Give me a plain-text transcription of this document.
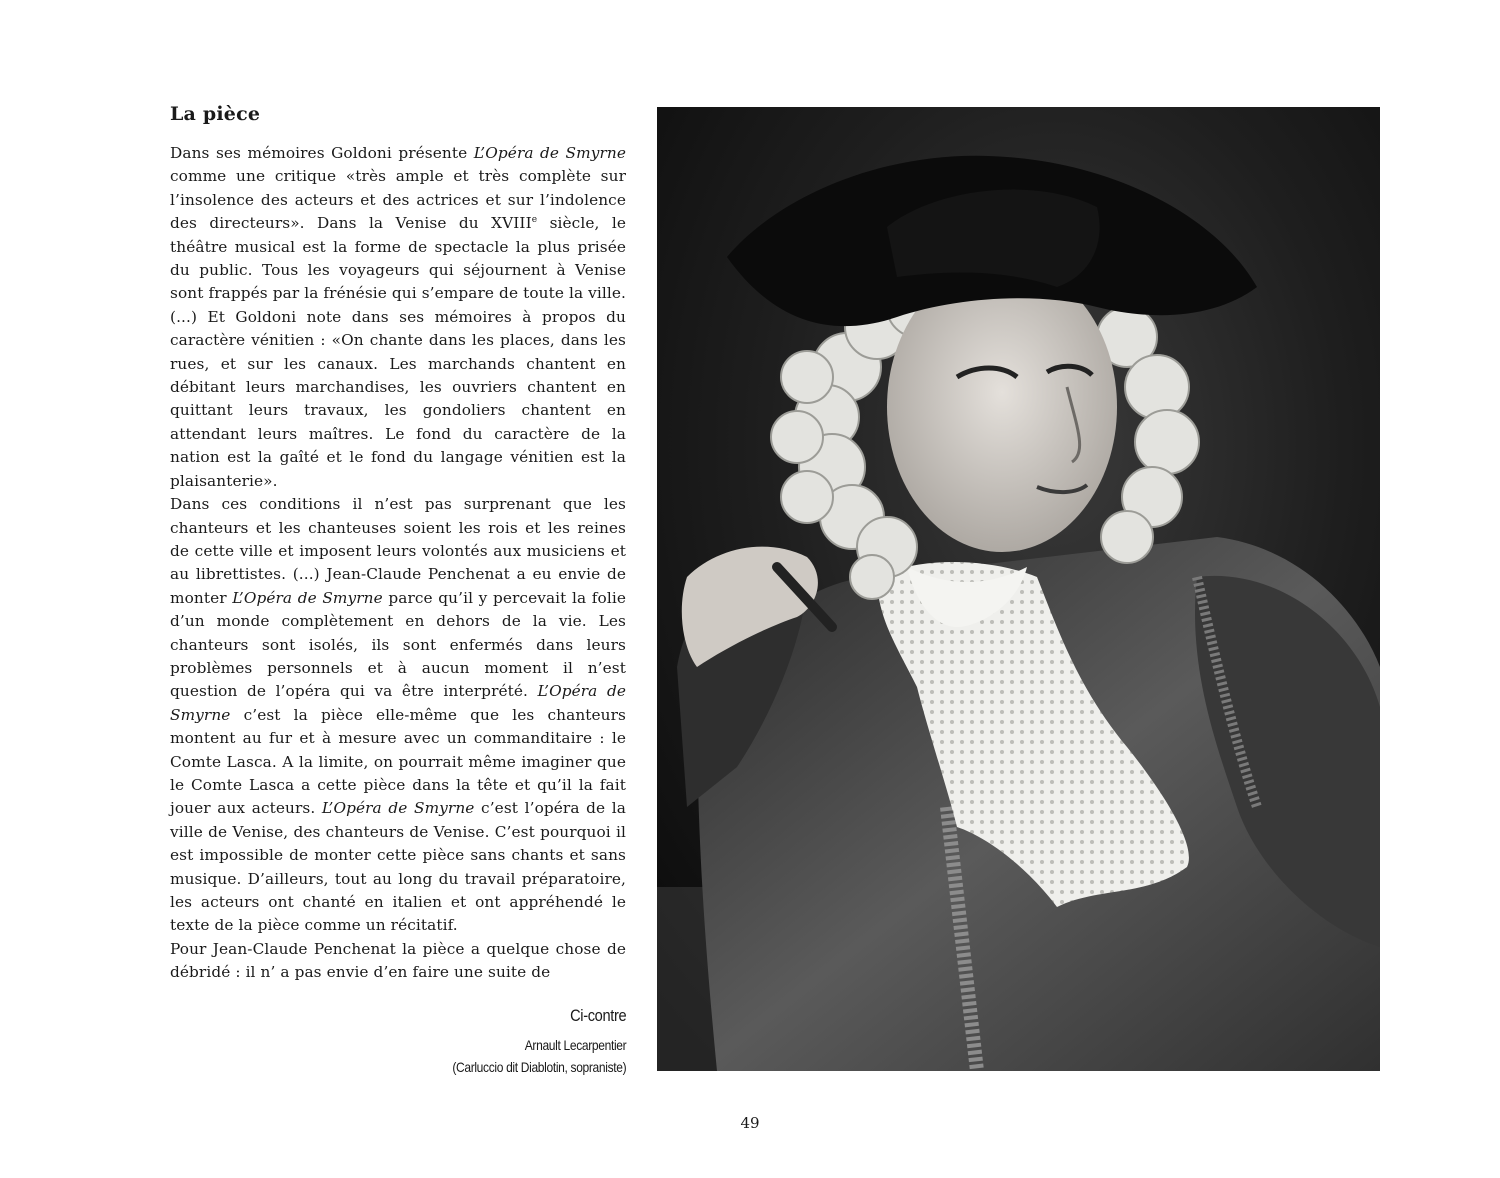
La pièce

Dans ses mémoires Goldoni présente L’Opéra de Smyrne comme une critique «très ample et très complète sur l’insolence des acteurs et des actrices et sur l’indolence des directeurs». Dans la Venise du XVIIIe siècle, le théâtre musical est la forme de spectacle la plus prisée du public. Tous les voyageurs qui séjournent à Venise sont frappés par la frénésie qui s’empare de toute la ville. (...) Et Goldoni note dans ses mémoires à propos du caractère vénitien : «On chante dans les places, dans les rues, et sur les canaux. Les marchands chantent en débitant leurs marchandises, les ouvriers chantent en quittant leurs travaux, les gondoliers chantent en attendant leurs maîtres. Le fond du caractère de la nation est la gaîté et le fond du langage vénitien est la plaisanterie».

Dans ces conditions il n’est pas surprenant que les chanteurs et les chanteuses soient les rois et les reines de cette ville et imposent leurs volontés aux musiciens et au librettistes. (...) Jean-Claude Penchenat a eu envie de monter L’Opéra de Smyrne parce qu’il y percevait la folie d’un monde complètement en dehors de la vie. Les chanteurs sont isolés, ils sont enfermés dans leurs problèmes personnels et à aucun moment il n’est question de l’opéra qui va être interprété. L’Opéra de Smyrne c’est la pièce elle-même que les chanteurs montent au fur et à mesure avec un commanditaire : le Comte Lasca. A la limite, on pourrait même imaginer que le Comte Lasca a cette pièce dans la tête et qu’il la fait jouer aux acteurs. L’Opéra de Smyrne c’est l’opéra de la ville de Venise, des chanteurs de Venise. C’est pourquoi il est impossible de monter cette pièce sans chants et sans musique. D’ailleurs, tout au long du travail préparatoire, les acteurs ont chanté en italien et ont appréhendé le texte de la pièce comme un récitatif.

Pour Jean-Claude Penchenat la pièce a quelque chose de débridé : il n’ a pas envie d’en faire une suite de

Ci-contre
Arnault Lecarpentier
(Carluccio dit Diablotin, sopraniste)
49
